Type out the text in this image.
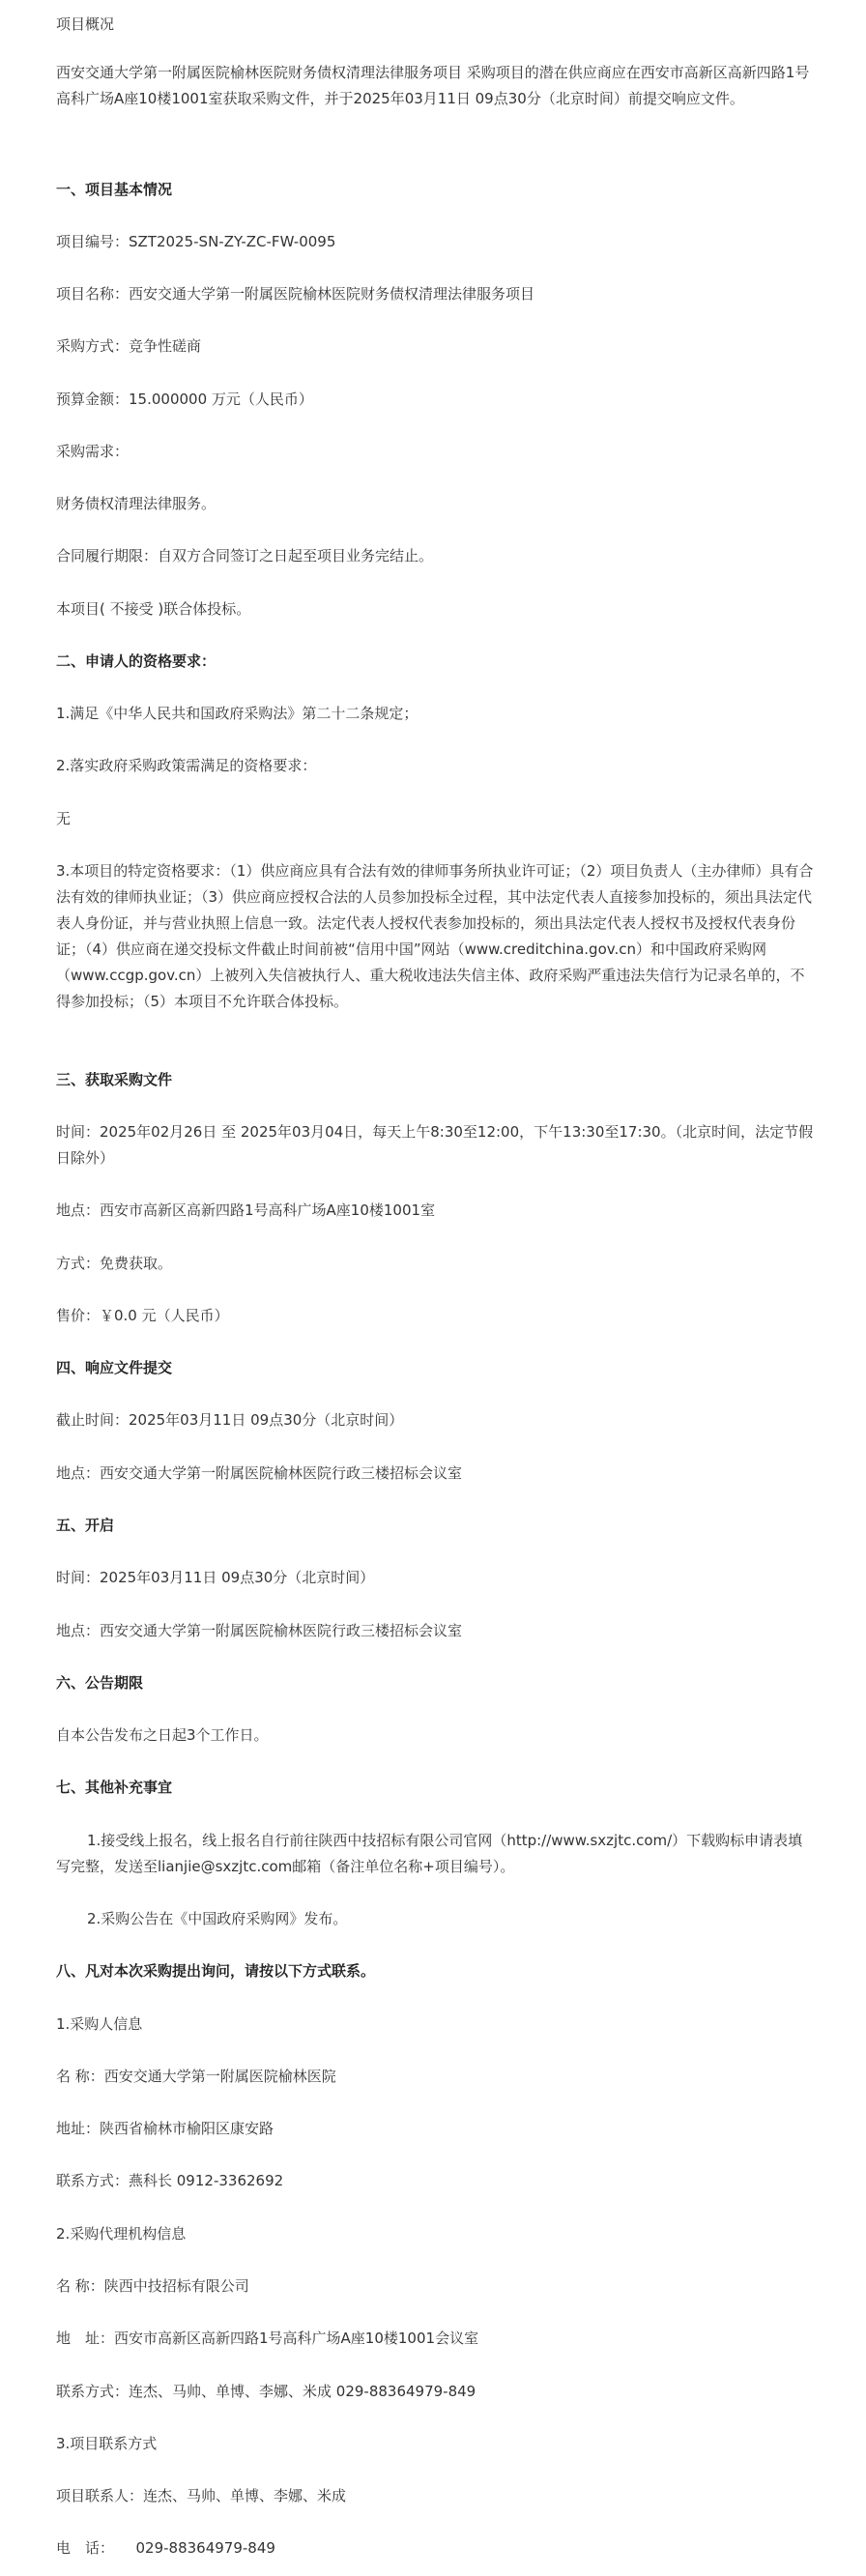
项目概况

西安交通大学第一附属医院榆林医院财务债权清理法律服务项目 采购项目的潜在供应商应在西安市高新区高新四路1号高科广场A座10楼1001室获取采购文件，并于2025年03月11日 09点30分（北京时间）前提交响应文件。

一、项目基本情况

项目编号：SZT2025-SN-ZY-ZC-FW-0095

项目名称：西安交通大学第一附属医院榆林医院财务债权清理法律服务项目

采购方式：竞争性磋商

预算金额：15.000000 万元（人民币）

采购需求：

财务债权清理法律服务。

合同履行期限：自双方合同签订之日起至项目业务完结止。

本项目( 不接受 )联合体投标。

二、申请人的资格要求：

1.满足《中华人民共和国政府采购法》第二十二条规定；

2.落实政府采购政策需满足的资格要求：

无

3.本项目的特定资格要求：（1）供应商应具有合法有效的律师事务所执业许可证；（2）项目负责人（主办律师）具有合法有效的律师执业证；（3）供应商应授权合法的人员参加投标全过程，其中法定代表人直接参加投标的，须出具法定代表人身份证，并与营业执照上信息一致。法定代表人授权代表参加投标的，须出具法定代表人授权书及授权代表身份证；（4）供应商在递交投标文件截止时间前被“信用中国”网站（www.creditchina.gov.cn）和中国政府采购网（www.ccgp.gov.cn）上被列入失信被执行人、重大税收违法失信主体、政府采购严重违法失信行为记录名单的，不得参加投标；（5）本项目不允许联合体投标。

三、获取采购文件

时间：2025年02月26日 至 2025年03月04日，每天上午8:30至12:00，下午13:30至17:30。（北京时间，法定节假日除外）

地点：西安市高新区高新四路1号高科广场A座10楼1001室

方式：免费获取。

售价：￥0.0 元（人民币）

四、响应文件提交

截止时间：2025年03月11日 09点30分（北京时间）

地点：西安交通大学第一附属医院榆林医院行政三楼招标会议室

五、开启

时间：2025年03月11日 09点30分（北京时间）

地点：西安交通大学第一附属医院榆林医院行政三楼招标会议室

六、公告期限

自本公告发布之日起3个工作日。

七、其他补充事宜

1.接受线上报名，线上报名自行前往陕西中技招标有限公司官网（http://www.sxzjtc.com/）下载购标申请表填写完整，发送至lianjie@sxzjtc.com邮箱（备注单位名称+项目编号）。

2.采购公告在《中国政府采购网》发布。

八、凡对本次采购提出询问，请按以下方式联系。

1.采购人信息

名 称：西安交通大学第一附属医院榆林医院

地址：陕西省榆林市榆阳区康安路

联系方式：燕科长 0912-3362692

2.采购代理机构信息

名 称：陕西中技招标有限公司

地　址：西安市高新区高新四路1号高科广场A座10楼1001会议室

联系方式：连杰、马帅、单博、李娜、米成 029-88364979-849

3.项目联系方式

项目联系人：连杰、马帅、单博、李娜、米成

电　话：　　029-88364979-849
